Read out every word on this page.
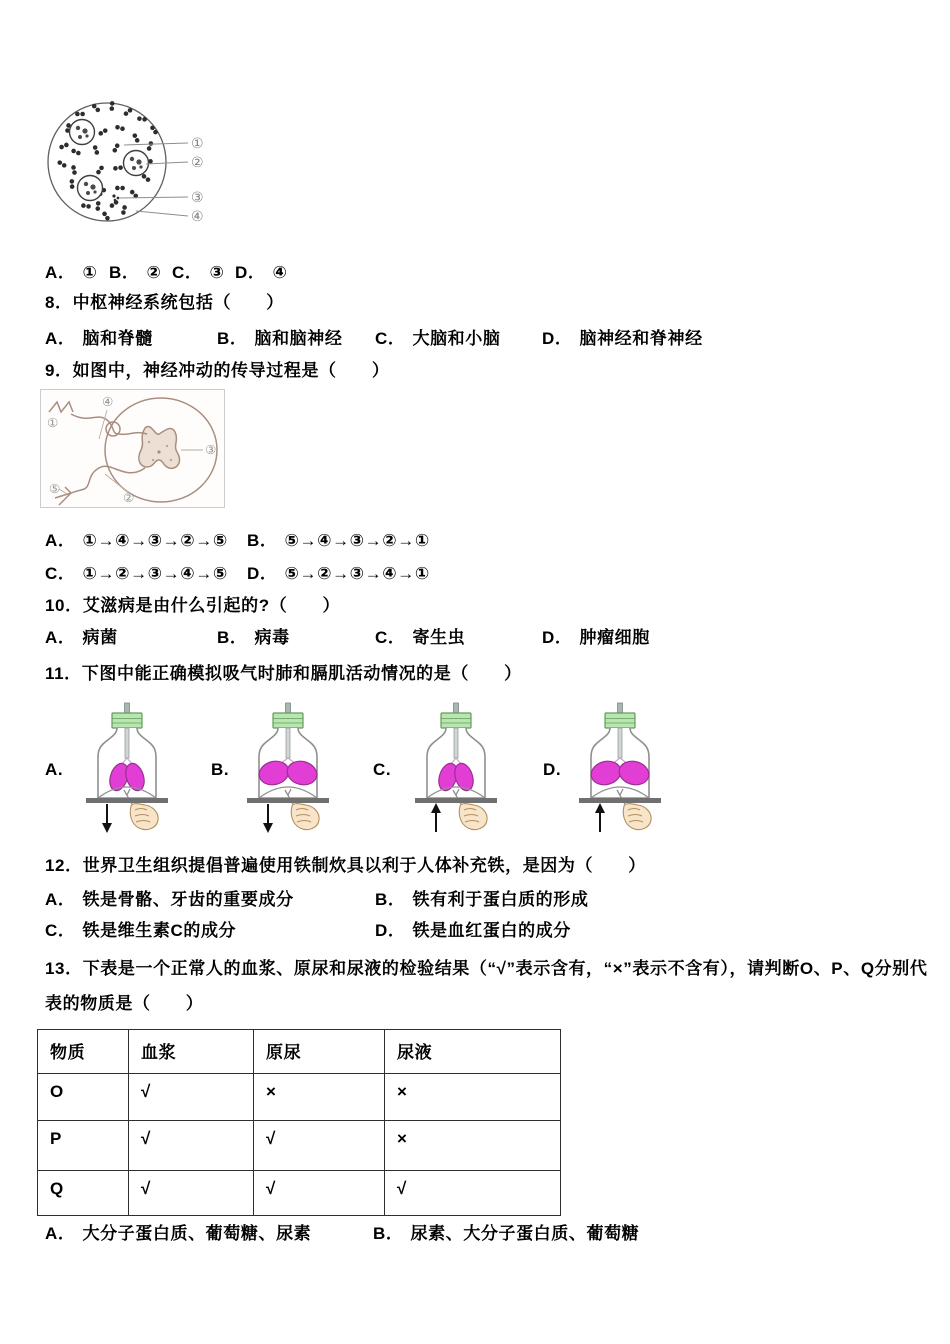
①
②
③
④
A． ① B． ② C． ③ D． ④
8．中枢神经系统包括（　　）
A． 脑和脊髓	B． 脑和脑神经 C． 大脑和小脑 D． 脑神经和脊神经
9．如图中，神经冲动的传导过程是（　　）
①
②
③
④
⑤
A． ①→④→③→②→⑤ B． ⑤→④→③→②→①
C． ①→②→③→④→⑤ D． ⑤→②→③→④→①
10．艾滋病是由什么引起的?（　　）
A． 病菌	B． 病毒	C． 寄生虫	D． 肿瘤细胞
11．下图中能正确模拟吸气时肺和膈肌活动情况的是（　　）
A.	B.	C.	D.
12．世界卫生组织提倡普遍使用铁制炊具以利于人体补充铁，是因为（　　）
A． 铁是骨骼、牙齿的重要成分	B． 铁有利于蛋白质的形成
C． 铁是维生素C的成分	D． 铁是血红蛋白的成分
13．下表是一个正常人的血浆、原尿和尿液的检验结果（“√”表示含有，“×”表示不含有），请判断O、P、Q分别代
表的物质是（　　）
物质	血浆	原尿	尿液
O	√	×	×
P	√	√	×
Q	√	√	√
A． 大分子蛋白质、葡萄糖、尿素	B． 尿素、大分子蛋白质、葡萄糖
